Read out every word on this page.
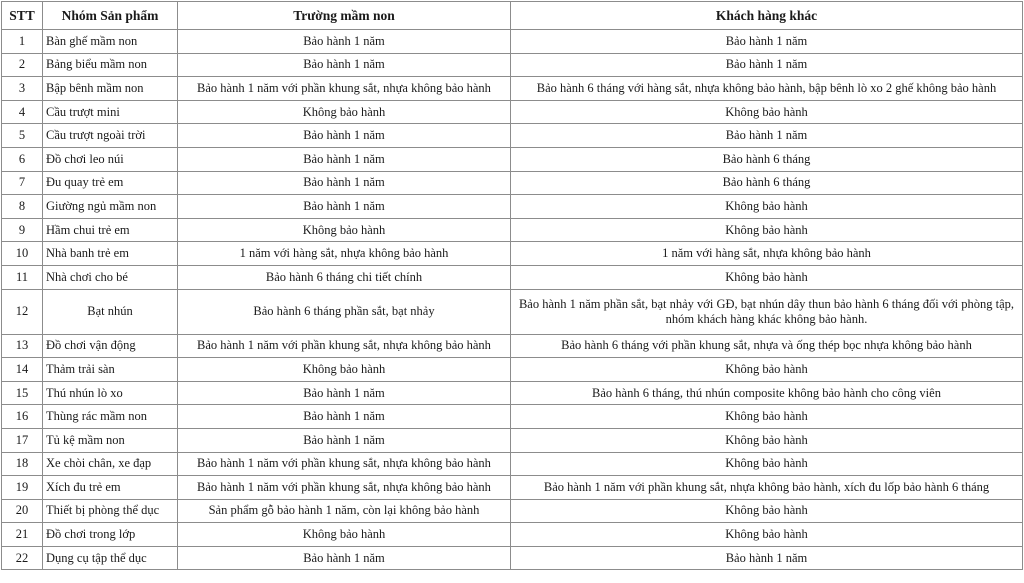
STT	Nhóm Sản phẩm	Trường mầm non	Khách hàng khác
1	Bàn ghế mầm non	Bảo hành 1 năm	Bảo hành 1 năm
2	Bảng biểu mầm non	Bảo hành 1 năm	Bảo hành 1 năm
3	Bập bênh mầm non	Bảo hành 1 năm với phần khung sắt, nhựa không bảo hành	Bảo hành 6 tháng với hàng sắt, nhựa không bảo hành, bập bênh lò xo 2 ghế không bảo hành
4	Cầu trượt mini	Không bảo hành	Không bảo hành
5	Cầu trượt ngoài trời	Bảo hành 1 năm	Bảo hành 1 năm
6	Đồ chơi leo núi	Bảo hành 1 năm	Bảo hành 6 tháng
7	Đu quay trẻ em	Bảo hành 1 năm	Bảo hành 6 tháng
8	Giường ngủ mầm non	Bảo hành 1 năm	Không bảo hành
9	Hầm chui trẻ em	Không bảo hành	Không bảo hành
10	Nhà banh trẻ em	1 năm với hàng sắt, nhựa không bảo hành	1 năm với hàng sắt, nhựa không bảo hành
11	Nhà chơi cho bé	Bảo hành 6 tháng chi tiết chính	Không bảo hành
12	Bạt nhún	Bảo hành 6 tháng phần sắt, bạt nhảy	Bảo hành 1 năm phần sắt, bạt nhảy với GĐ, bạt nhún dây thun bảo hành 6 tháng đối với phòng tập, nhóm khách hàng khác không bảo hành.
13	Đồ chơi vận động	Bảo hành 1 năm với phần khung sắt, nhựa không bảo hành	Bảo hành 6 tháng với phần khung sắt, nhựa và ống thép bọc nhựa không bảo hành
14	Thảm trải sàn	Không bảo hành	Không bảo hành
15	Thú nhún lò xo	Bảo hành 1 năm	Bảo hành 6 tháng, thú nhún composite không bảo hành cho công viên
16	Thùng rác mầm non	Bảo hành 1 năm	Không bảo hành
17	Tủ kệ mầm non	Bảo hành 1 năm	Không bảo hành
18	Xe chòi chân, xe đạp	Bảo hành 1 năm với phần khung sắt, nhựa không bảo hành	Không bảo hành
19	Xích đu trẻ em	Bảo hành 1 năm với phần khung sắt, nhựa không bảo hành	Bảo hành 1 năm với phần khung sắt, nhựa không bảo hành, xích đu lốp bảo hành 6 tháng
20	Thiết bị phòng thể dục	Sản phẩm gỗ bảo hành 1 năm, còn lại không bảo hành	Không bảo hành
21	Đồ chơi trong lớp	Không bảo hành	Không bảo hành
22	Dụng cụ tập thể dục	Bảo hành 1 năm	Bảo hành 1 năm
